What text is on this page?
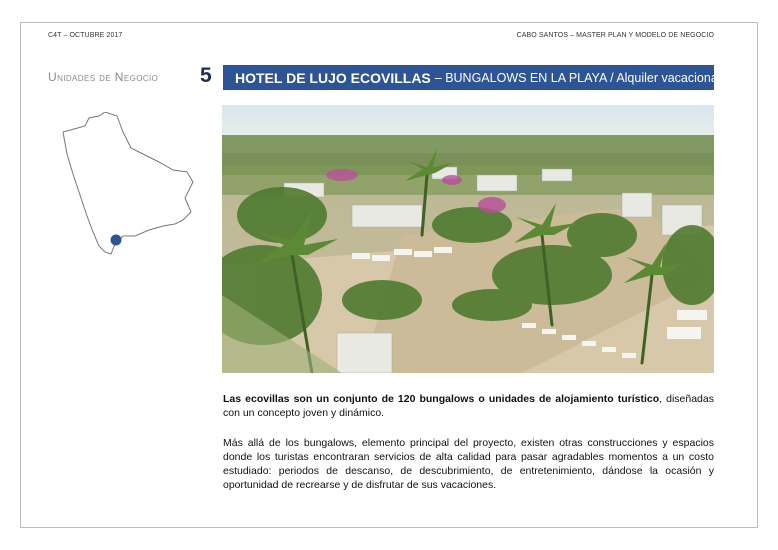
C4T – OCTUBRE 2017	CABO SANTOS – MASTER PLAN Y MODELO DE NEGOCIO
Unidades de Negocio 5 HOTEL DE LUJO ECOVILLAS – BUNGALOWS EN LA PLAYA / Alquiler vacacional

Las ecovillas son un conjunto de 120 bungalows o unidades de alojamiento turístico, diseñadas con un concepto joven y dinámico.

Más allá de los bungalows, elemento principal del proyecto, existen otras construcciones y espacios donde los turistas encontraran servicios de alta calidad para pasar agradables momentos a un costo estudiado: periodos de descanso, de descubrimiento, de entretenimiento, dándose la ocasión y oportunidad de recrearse y de disfrutar de sus vacaciones.
